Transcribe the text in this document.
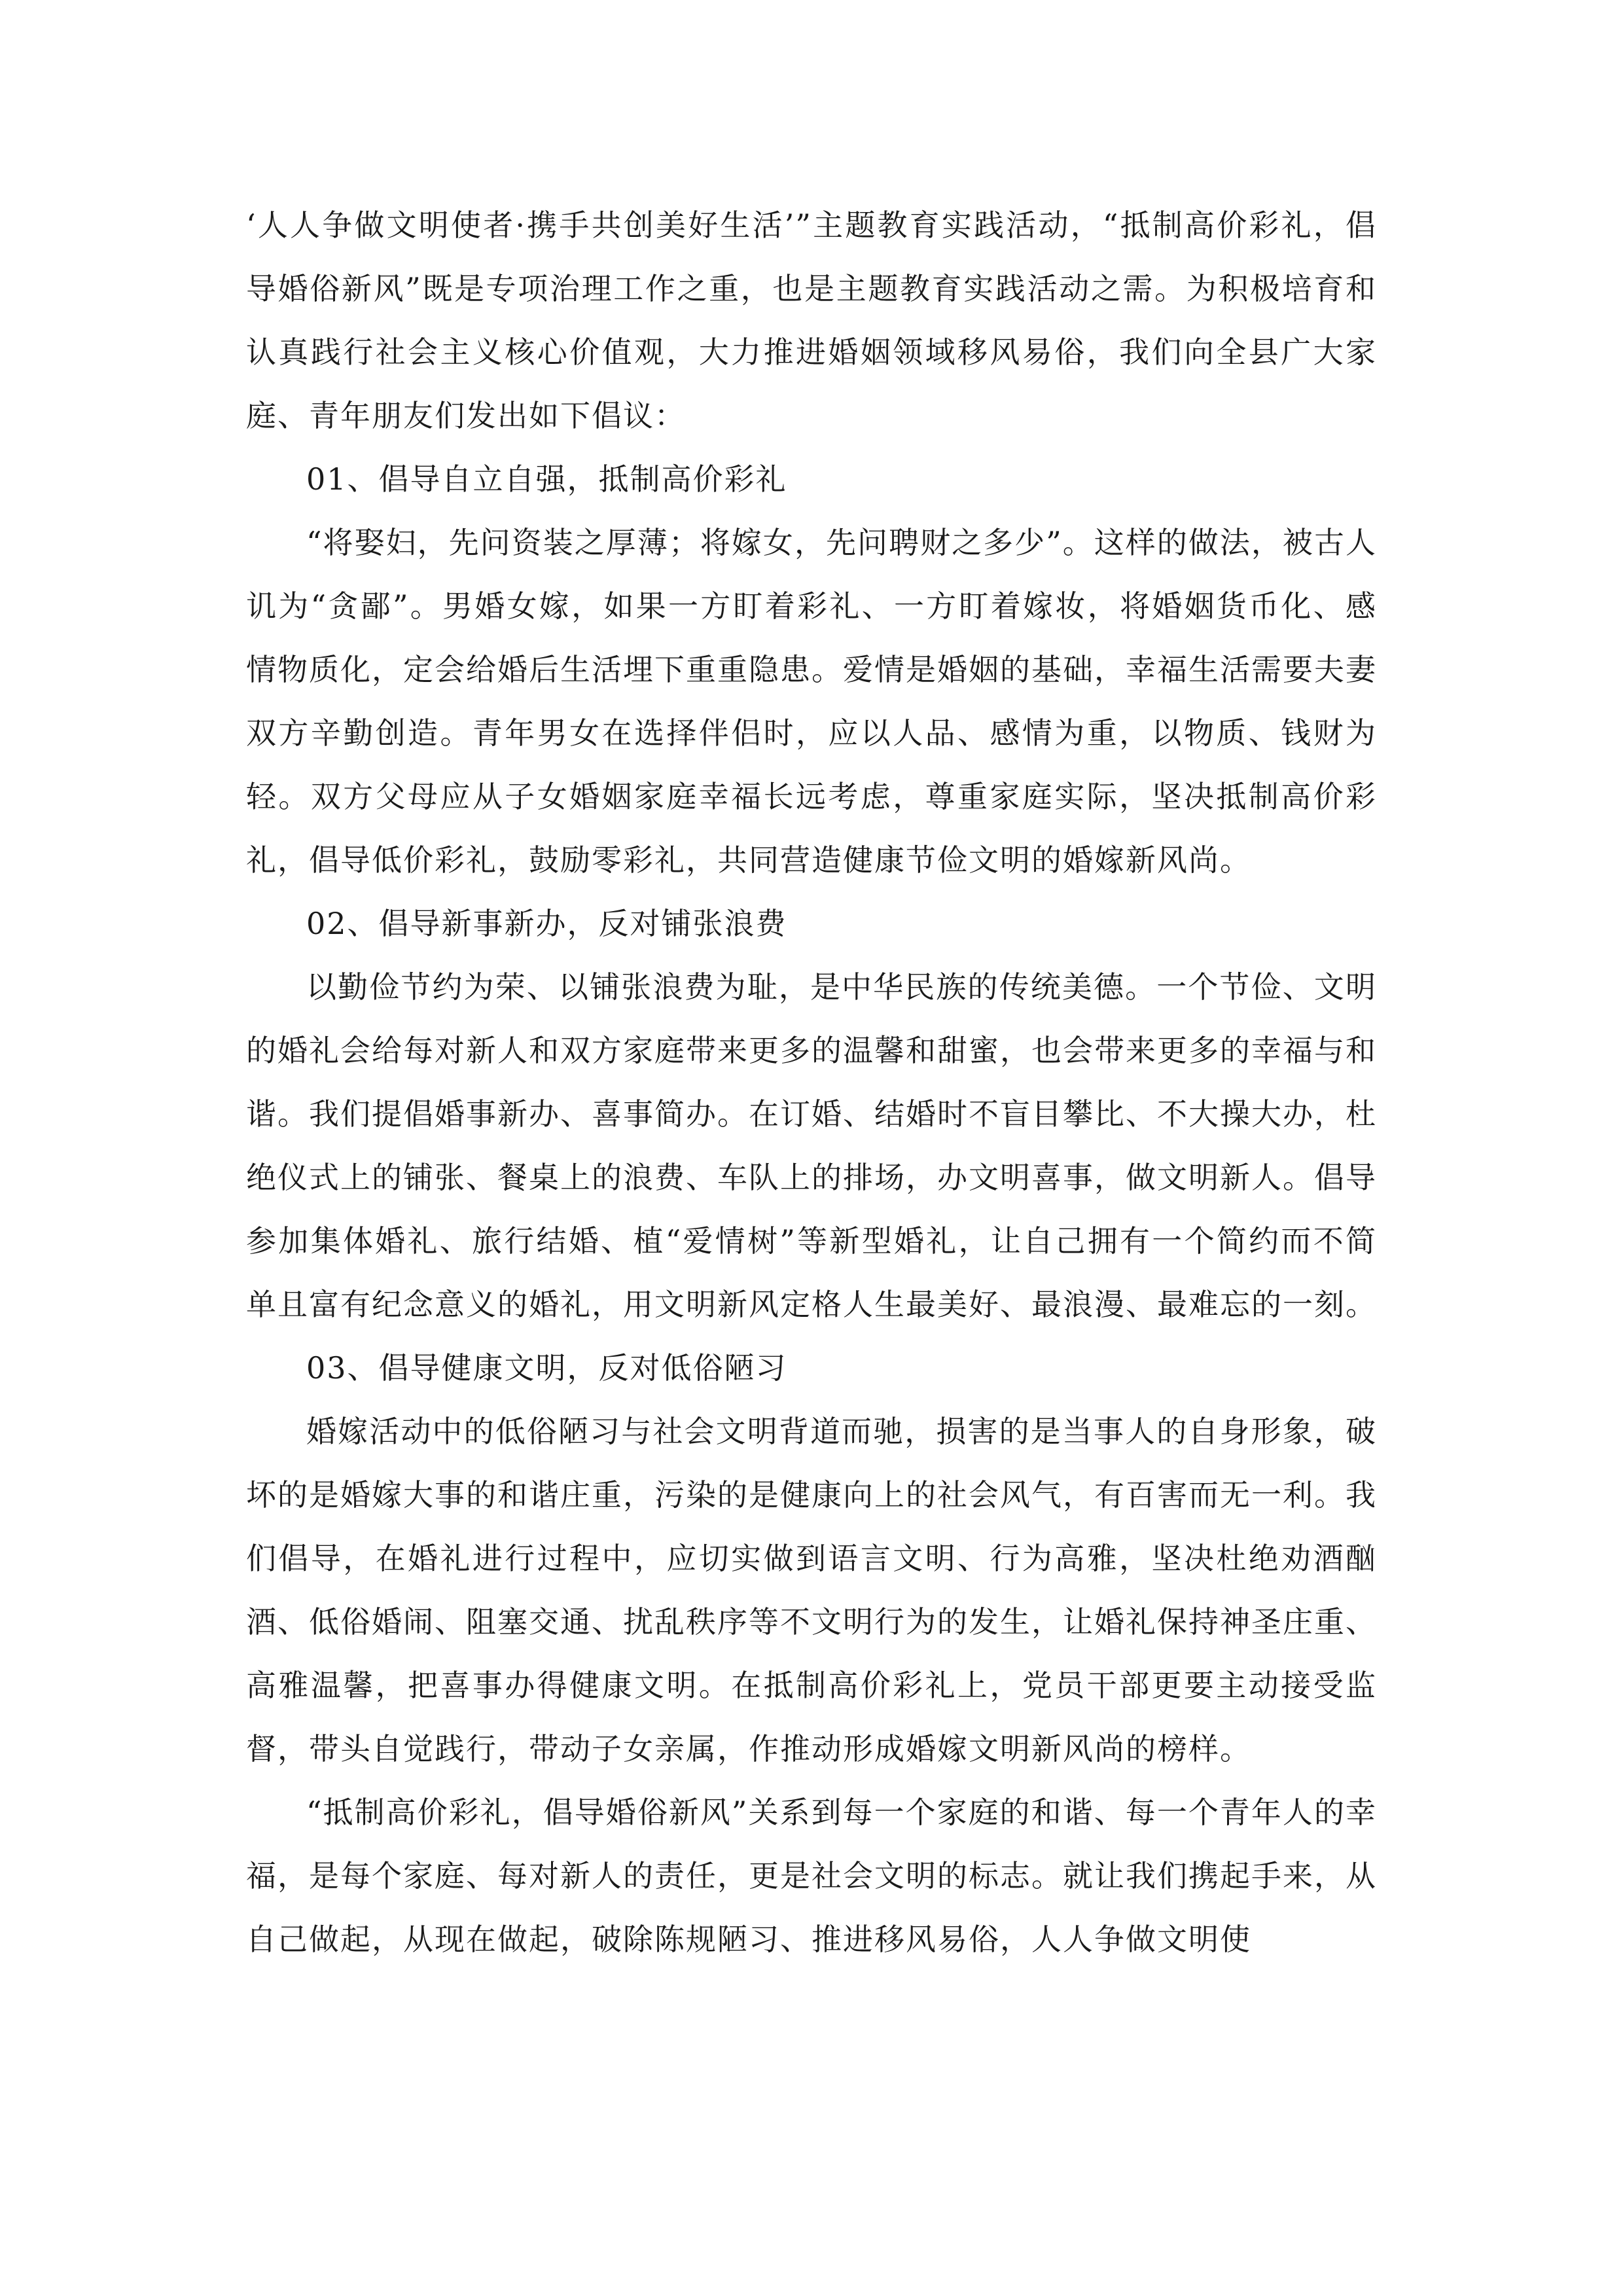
‘人人争做文明使者·携手共创美好生活’”主题教育实践活动，“抵制高价彩礼，倡导婚俗新风”既是专项治理工作之重，也是主题教育实践活动之需。为积极培育和认真践行社会主义核心价值观，大力推进婚姻领域移风易俗，我们向全县广大家庭、青年朋友们发出如下倡议：

01、倡导自立自强，抵制高价彩礼

“将娶妇，先问资装之厚薄；将嫁女，先问聘财之多少”。这样的做法，被古人讥为“贪鄙”。男婚女嫁，如果一方盯着彩礼、一方盯着嫁妆，将婚姻货币化、感情物质化，定会给婚后生活埋下重重隐患。爱情是婚姻的基础，幸福生活需要夫妻双方辛勤创造。青年男女在选择伴侣时，应以人品、感情为重，以物质、钱财为轻。双方父母应从子女婚姻家庭幸福长远考虑，尊重家庭实际，坚决抵制高价彩礼，倡导低价彩礼，鼓励零彩礼，共同营造健康节俭文明的婚嫁新风尚。

02、倡导新事新办，反对铺张浪费

以勤俭节约为荣、以铺张浪费为耻，是中华民族的传统美德。一个节俭、文明的婚礼会给每对新人和双方家庭带来更多的温馨和甜蜜，也会带来更多的幸福与和谐。我们提倡婚事新办、喜事简办。在订婚、结婚时不盲目攀比、不大操大办，杜绝仪式上的铺张、餐桌上的浪费、车队上的排场，办文明喜事，做文明新人。倡导参加集体婚礼、旅行结婚、植“爱情树”等新型婚礼，让自己拥有一个简约而不简单且富有纪念意义的婚礼，用文明新风定格人生最美好、最浪漫、最难忘的一刻。

03、倡导健康文明，反对低俗陋习

婚嫁活动中的低俗陋习与社会文明背道而驰，损害的是当事人的自身形象，破坏的是婚嫁大事的和谐庄重，污染的是健康向上的社会风气，有百害而无一利。我们倡导，在婚礼进行过程中，应切实做到语言文明、行为高雅，坚决杜绝劝酒酗酒、低俗婚闹、阻塞交通、扰乱秩序等不文明行为的发生，让婚礼保持神圣庄重、高雅温馨，把喜事办得健康文明。在抵制高价彩礼上，党员干部更要主动接受监督，带头自觉践行，带动子女亲属，作推动形成婚嫁文明新风尚的榜样。

“抵制高价彩礼，倡导婚俗新风”关系到每一个家庭的和谐、每一个青年人的幸福，是每个家庭、每对新人的责任，更是社会文明的标志。就让我们携起手来，从自己做起，从现在做起，破除陈规陋习、推进移风易俗，人人争做文明使
